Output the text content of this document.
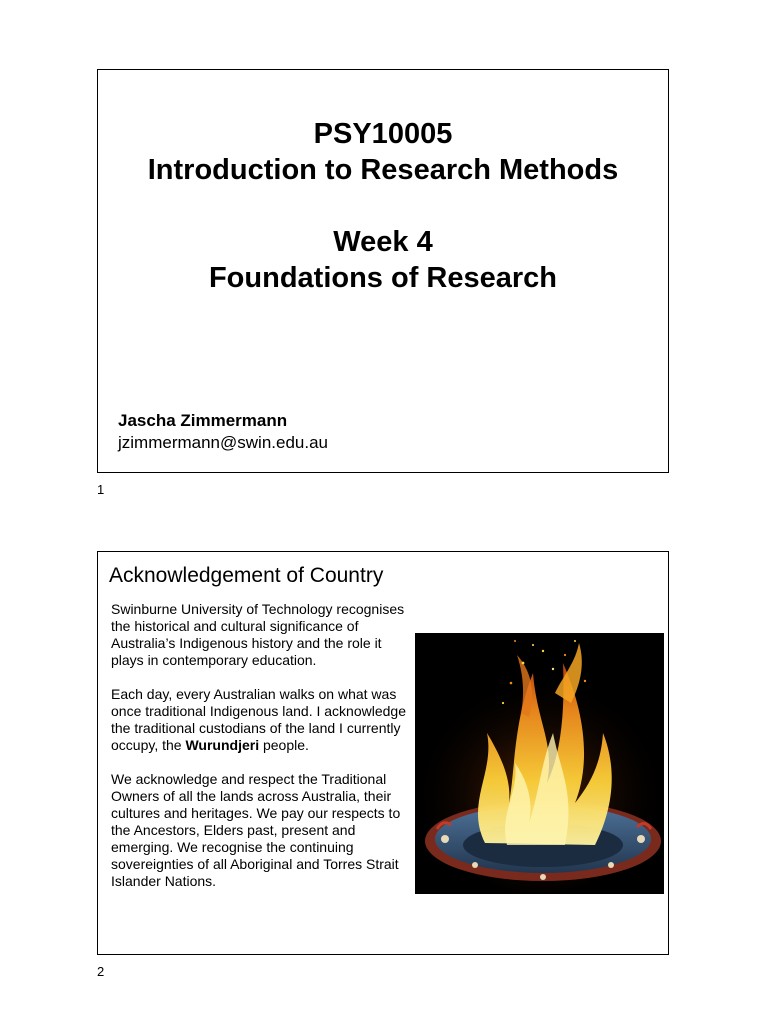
PSY10005
Introduction to Research Methods
Week 4
Foundations of Research
Jascha Zimmermann
jzimmermann@swin.edu.au
1
Acknowledgement of Country

Swinburne University of Technology recognises the historical and cultural significance of Australia’s Indigenous history and the role it plays in contemporary education.

Each day, every Australian walks on what was once traditional Indigenous land. I acknowledge the traditional custodians of the land I currently occupy, the Wurundjeri people.

We acknowledge and respect the Traditional Owners of all the lands across Australia, their cultures and heritages. We pay our respects to the Ancestors, Elders past, present and emerging. We recognise the continuing sovereignties of all Aboriginal and Torres Strait Islander Nations.

2
